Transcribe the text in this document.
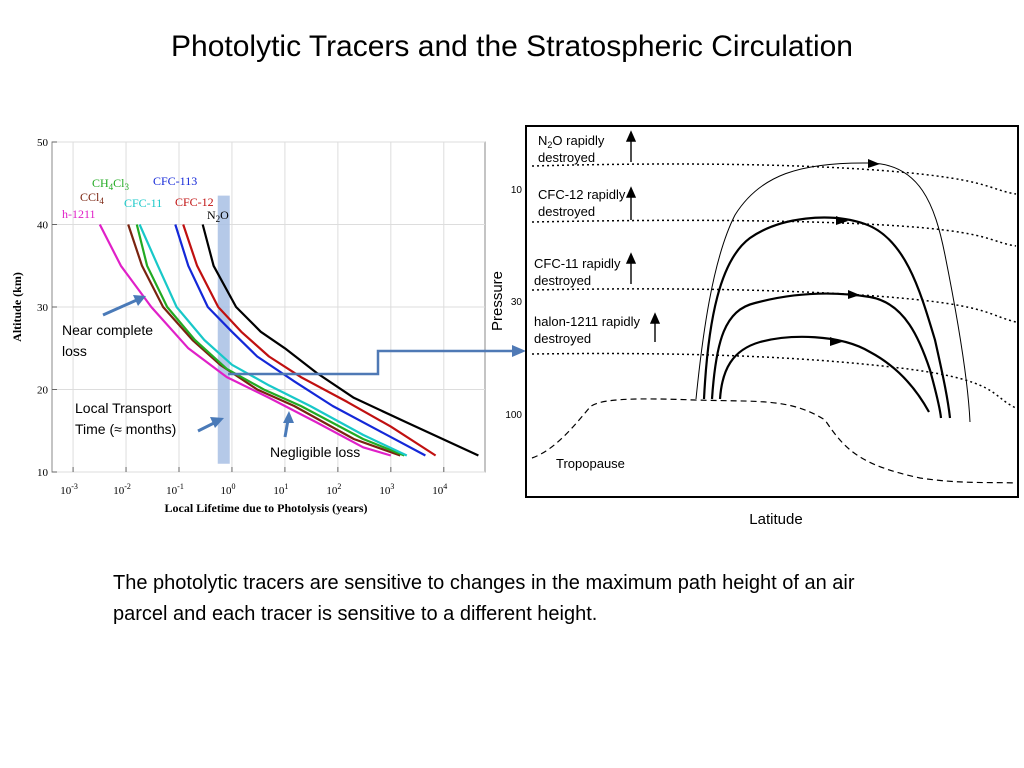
Photolytic Tracers and the Stratospheric Circulation
10
20
30
40
50
$10^{-3}$	$10^{-2}$	$10^{-1}$	$10^0$	$10^1$	$10^2$	$10^3$	$10^4$
Altitude (km)
Local Lifetime due to Photolysis (years)
$CH_4Cl_3$ CFC-113
CCl$_4$ CFC-11 CFC-12
h-1211	$N_2O$
Near complete
loss
Local Transport
Time (≈ months)
Negligible loss
Pressure
Latitude
10
30
100
$N_2O$ rapidly
destroyed
CFC-12 rapidly
destroyed
CFC-11 rapidly
destroyed
halon-1211 rapidly
destroyed
Tropopause
The photolytic tracers are sensitive to changes in the maximum path height of an air parcel and each tracer is sensitive to a different height.
